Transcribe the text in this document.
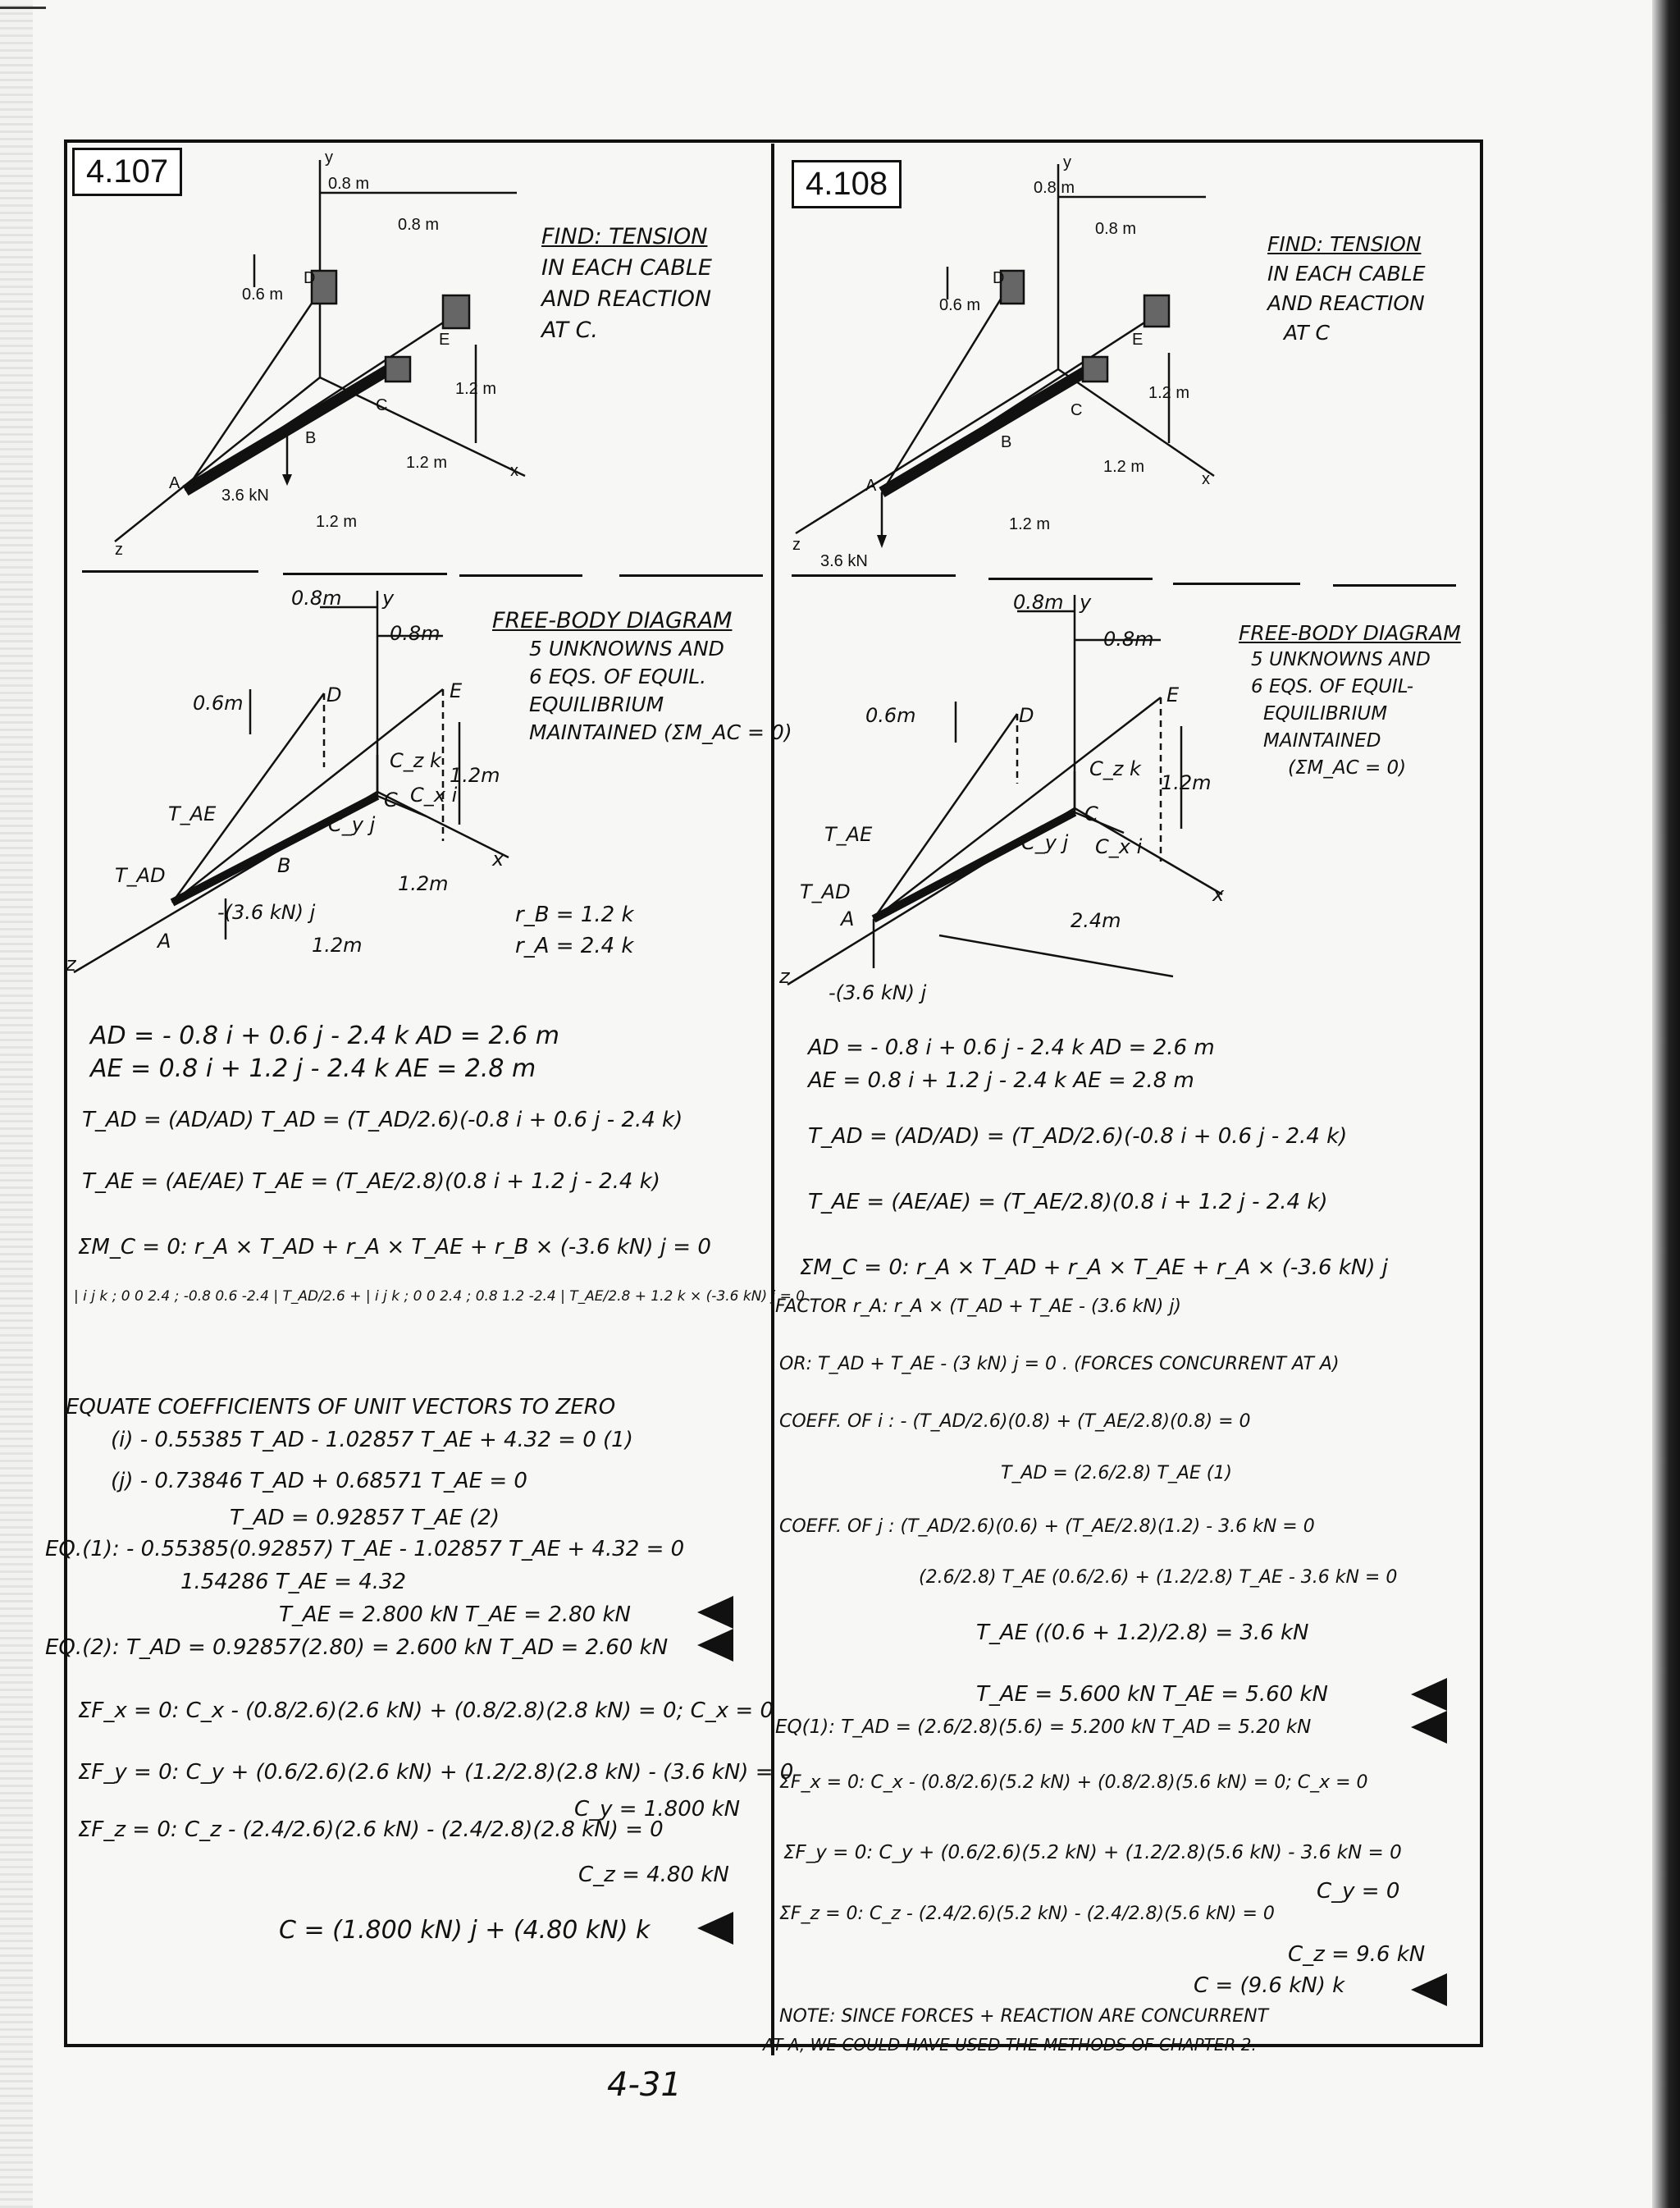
4.107	y
x
z
0.8 m
0.8 m
0.6 m
1.2 m
1.2 m
1.2 m
3.6 kN
A
B
C
D
E
FIND: TENSION
IN EACH CABLE
AND REACTION
AT C.
0.8m
0.8m
0.6m
1.2m
1.2m
1.2m
C_z k
C_y j
C_x i
T_AE
T_AD
-(3.6 kN) j
A
B
C
D	E
y
x
z
FREE-BODY DIAGRAM
5 UNKNOWNS AND
6 EQS. OF EQUIL.
EQUILIBRIUM
MAINTAINED (ΣM_AC = 0)
r_B = 1.2 k
r_A = 2.4 k
AD = - 0.8 i + 0.6 j - 2.4 k AD = 2.6 m
AE = 0.8 i + 1.2 j - 2.4 k AE = 2.8 m
T_AD = (AD/AD) T_AD = (T_AD/2.6)(-0.8 i + 0.6 j - 2.4 k)
T_AE = (AE/AE) T_AE = (T_AE/2.8)(0.8 i + 1.2 j - 2.4 k)
ΣM_C = 0: r_A × T_AD + r_A × T_AE + r_B × (-3.6 kN) j = 0
| i j k ; 0 0 2.4 ; -0.8 0.6 -2.4 | T_AD/2.6 + | i j k ; 0 0 2.4 ; 0.8 1.2 -2.4 | T_AE/2.8 + 1.2 k × (-3.6 kN) j = 0
EQUATE COEFFICIENTS OF UNIT VECTORS TO ZERO
(i) - 0.55385 T_AD - 1.02857 T_AE + 4.32 = 0 (1)
(j) - 0.73846 T_AD + 0.68571 T_AE = 0
T_AD = 0.92857 T_AE (2)
EQ.(1): - 0.55385(0.92857) T_AE - 1.02857 T_AE + 4.32 = 0
1.54286 T_AE = 4.32
T_AE = 2.800 kN T_AE = 2.80 kN
EQ.(2): T_AD = 0.92857(2.80) = 2.600 kN T_AD = 2.60 kN
ΣF_x = 0: C_x - (0.8/2.6)(2.6 kN) + (0.8/2.8)(2.8 kN) = 0; C_x = 0
ΣF_y = 0: C_y + (0.6/2.6)(2.6 kN) + (1.2/2.8)(2.8 kN) - (3.6 kN) = 0
C_y = 1.800 kN
ΣF_z = 0: C_z - (2.4/2.6)(2.6 kN) - (2.4/2.8)(2.8 kN) = 0
C_z = 4.80 kN
C = (1.800 kN) j + (4.80 kN) k
4.108
y
x
z
0.8 m
0.8 m
0.6 m
1.2 m
1.2 m
1.2 m
3.6 kN
A
B
C
D
E
FIND: TENSION
IN EACH CABLE
AND REACTION
AT C
0.8m
0.8m
0.6m
1.2m
2.4m
C_z k
C_y j C_x i
T_AE
T_AD
-(3.6 kN) j
A
C
D
E
y
x
z
FREE-BODY DIAGRAM
5 UNKNOWNS AND
6 EQS. OF EQUIL-
EQUILIBRIUM
MAINTAINED
(ΣM_AC = 0)
AD = - 0.8 i + 0.6 j - 2.4 k AD = 2.6 m
AE = 0.8 i + 1.2 j - 2.4 k AE = 2.8 m
T_AD = (AD/AD) = (T_AD/2.6)(-0.8 i + 0.6 j - 2.4 k)
T_AE = (AE/AE) = (T_AE/2.8)(0.8 i + 1.2 j - 2.4 k)
ΣM_C = 0: r_A × T_AD + r_A × T_AE + r_A × (-3.6 kN) j
FACTOR r_A: r_A × (T_AD + T_AE - (3.6 kN) j)
OR: T_AD + T_AE - (3 kN) j = 0 . (FORCES CONCURRENT AT A)
COEFF. OF i : - (T_AD/2.6)(0.8) + (T_AE/2.8)(0.8) = 0
T_AD = (2.6/2.8) T_AE (1)
COEFF. OF j : (T_AD/2.6)(0.6) + (T_AE/2.8)(1.2) - 3.6 kN = 0
(2.6/2.8) T_AE (0.6/2.6) + (1.2/2.8) T_AE - 3.6 kN = 0
T_AE ((0.6 + 1.2)/2.8) = 3.6 kN
T_AE = 5.600 kN T_AE = 5.60 kN
EQ(1): T_AD = (2.6/2.8)(5.6) = 5.200 kN T_AD = 5.20 kN
ΣF_x = 0: C_x - (0.8/2.6)(5.2 kN) + (0.8/2.8)(5.6 kN) = 0; C_x = 0
ΣF_y = 0: C_y + (0.6/2.6)(5.2 kN) + (1.2/2.8)(5.6 kN) - 3.6 kN = 0
C_y = 0
ΣF_z = 0: C_z - (2.4/2.6)(5.2 kN) - (2.4/2.8)(5.6 kN) = 0
C_z = 9.6 kN
C = (9.6 kN) k
NOTE: SINCE FORCES + REACTION ARE CONCURRENT
AT A, WE COULD HAVE USED THE METHODS OF CHAPTER 2.
4-31
